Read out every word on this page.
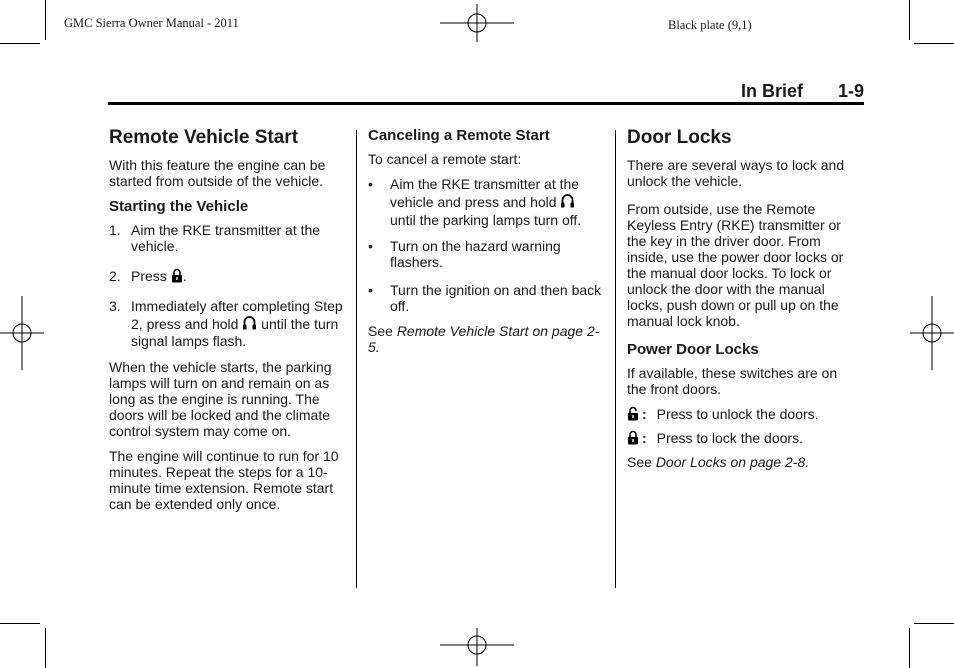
GMC Sierra Owner Manual - 2011	Black plate (9,1)
In Brief 1-9
Remote Vehicle Start

With this feature the engine can be started from outside of the vehicle.

Starting the Vehicle
1. Aim the RKE transmitter at the vehicle.
2. Press .
3. Immediately after completing Step 2, press and hold  until the turn signal lamps flash.

When the vehicle starts, the parking lamps will turn on and remain on as long as the engine is running. The doors will be locked and the climate control system may come on.

The engine will continue to run for 10 minutes. Repeat the steps for a 10-minute time extension. Remote start can be extended only once.

Canceling a Remote Start

To cancel a remote start:

• Aim the RKE transmitter at the vehicle and press and hold  until the parking lamps turn off.
• Turn on the hazard warning flashers.
• Turn the ignition on and then back off.

See Remote Vehicle Start on page 2-5.

Door Locks

There are several ways to lock and unlock the vehicle.

From outside, use the Remote Keyless Entry (RKE) transmitter or the key in the driver door. From inside, use the power door locks or the manual door locks. To lock or unlock the door with the manual locks, push down or pull up on the manual lock knob.

Power Door Locks

If available, these switches are on the front doors.

: Press to unlock the doors.
: Press to lock the doors.

See Door Locks on page 2-8.
